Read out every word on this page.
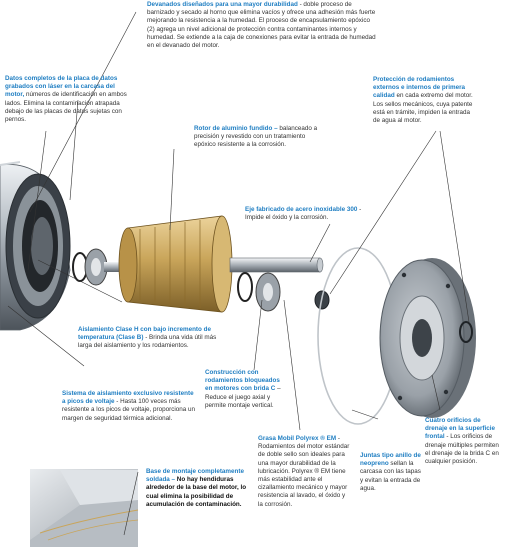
Devanados diseñados para una mayor durabilidad - doble proceso de barnizado y secado al horno que elimina vacíos y ofrece una adhesión más fuerte mejorando la resistencia a la humedad. El proceso de encapsulamiento epóxico (2) agrega un nivel adicional de protección contra contaminantes internos y humedad. Se extiende a la caja de conexiones para evitar la entrada de humedad en el devanado del motor.
Datos completos de la placa de datos grabados con láser en la carcasa del motor, números de identificación en ambos lados. Elimina la contaminación atrapada debajo de las placas de datos sujetas con pernos.
Protección de rodamientos externos e internos de primera calidad en cada extremo del motor. Los sellos mecánicos, cuya patente está en trámite, impiden la entrada de agua al motor.
Rotor de aluminio fundido – balanceado a precisión y revestido con un tratamiento epóxico resistente a la corrosión.
Eje fabricado de acero inoxidable 300 - Impide el óxido y la corrosión.
Aislamiento Clase H con bajo incremento de temperatura (Clase B) - Brinda una vida útil más larga del aislamiento y los rodamientos.
Construcción con rodamientos bloqueados en motores con brida C – Reduce el juego axial y permite montaje vertical.
Sistema de aislamiento exclusivo resistente a picos de voltaje - Hasta 100 veces más resistente a los picos de voltaje, proporciona un margen de seguridad térmica adicional.
Grasa Mobil Polyrex ® EM - Rodamientos del motor estándar de doble sello son ideales para una mayor durabilidad de la lubricación. Polyrex ® EM tiene más estabilidad ante el cizallamiento mecánico y mayor resistencia al lavado, el óxido y la corrosión.
Juntas tipo anillo de neopreno sellan la carcasa con las tapas y evitan la entrada de agua.
Cuatro orificios de drenaje en la superficie frontal - Los orificios de drenaje múltiples permiten el drenaje de la brida C en cualquier posición.
Base de montaje completamente soldada – No hay hendiduras alrededor de la base del motor, lo cual elimina la posibilidad de acumulación de contaminación.
